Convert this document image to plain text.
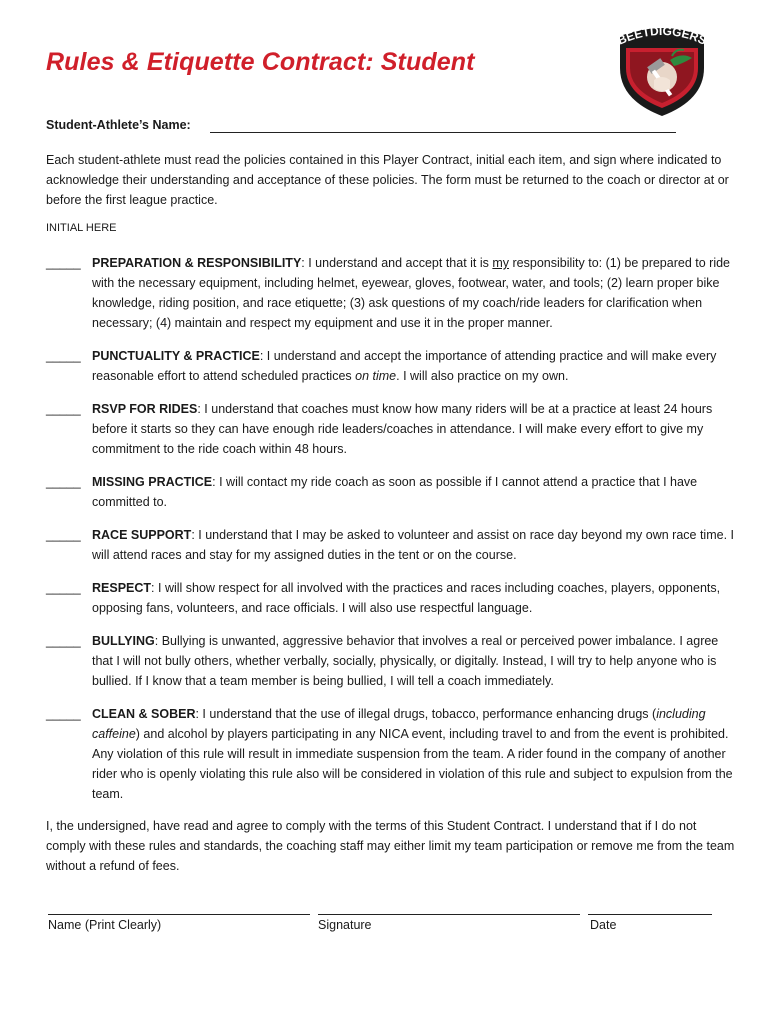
Rules & Etiquette Contract: Student
BEETDIGGERS
Student-Athlete’s Name:

Each student-athlete must read the policies contained in this Player Contract, initial each item, and sign where indicated to acknowledge their understanding and acceptance of these policies. The form must be returned to the coach or director at or before the first league practice.

INITIAL HERE
_____ PREPARATION & RESPONSIBILITY: I understand and accept that it is my responsibility to: (1) be prepared to ride with the necessary equipment, including helmet, eyewear, gloves, footwear, water, and tools; (2) learn proper bike knowledge, riding position, and race etiquette; (3) ask questions of my coach/ride leaders for clarification when necessary; (4) maintain and respect my equipment and use it in the proper manner.
_____ PUNCTUALITY & PRACTICE: I understand and accept the importance of attending practice and will make every reasonable effort to attend scheduled practices on time. I will also practice on my own.
_____ RSVP FOR RIDES: I understand that coaches must know how many riders will be at a practice at least 24 hours before it starts so they can have enough ride leaders/coaches in attendance. I will make every effort to give my commitment to the ride coach within 48 hours.
_____ MISSING PRACTICE: I will contact my ride coach as soon as possible if I cannot attend a practice that I have committed to.
_____ RACE SUPPORT: I understand that I may be asked to volunteer and assist on race day beyond my own race time. I will attend races and stay for my assigned duties in the tent or on the course.
_____ RESPECT: I will show respect for all involved with the practices and races including coaches, players, opponents, opposing fans, volunteers, and race officials. I will also use respectful language.
_____ BULLYING: Bullying is unwanted, aggressive behavior that involves a real or perceived power imbalance. I agree that I will not bully others, whether verbally, socially, physically, or digitally. Instead, I will try to help anyone who is bullied. If I know that a team member is being bullied, I will tell a coach immediately.
_____ CLEAN & SOBER: I understand that the use of illegal drugs, tobacco, performance enhancing drugs (including caffeine) and alcohol by players participating in any NICA event, including travel to and from the event is prohibited. Any violation of this rule will result in immediate suspension from the team. A rider found in the company of another rider who is openly violating this rule also will be considered in violation of this rule and subject to expulsion from the team.

I, the undersigned, have read and agree to comply with the terms of this Student Contract. I understand that if I do not comply with these rules and standards, the coaching staff may either limit my team participation or remove me from the team without a refund of fees.

Name (Print Clearly)	Signature	Date
